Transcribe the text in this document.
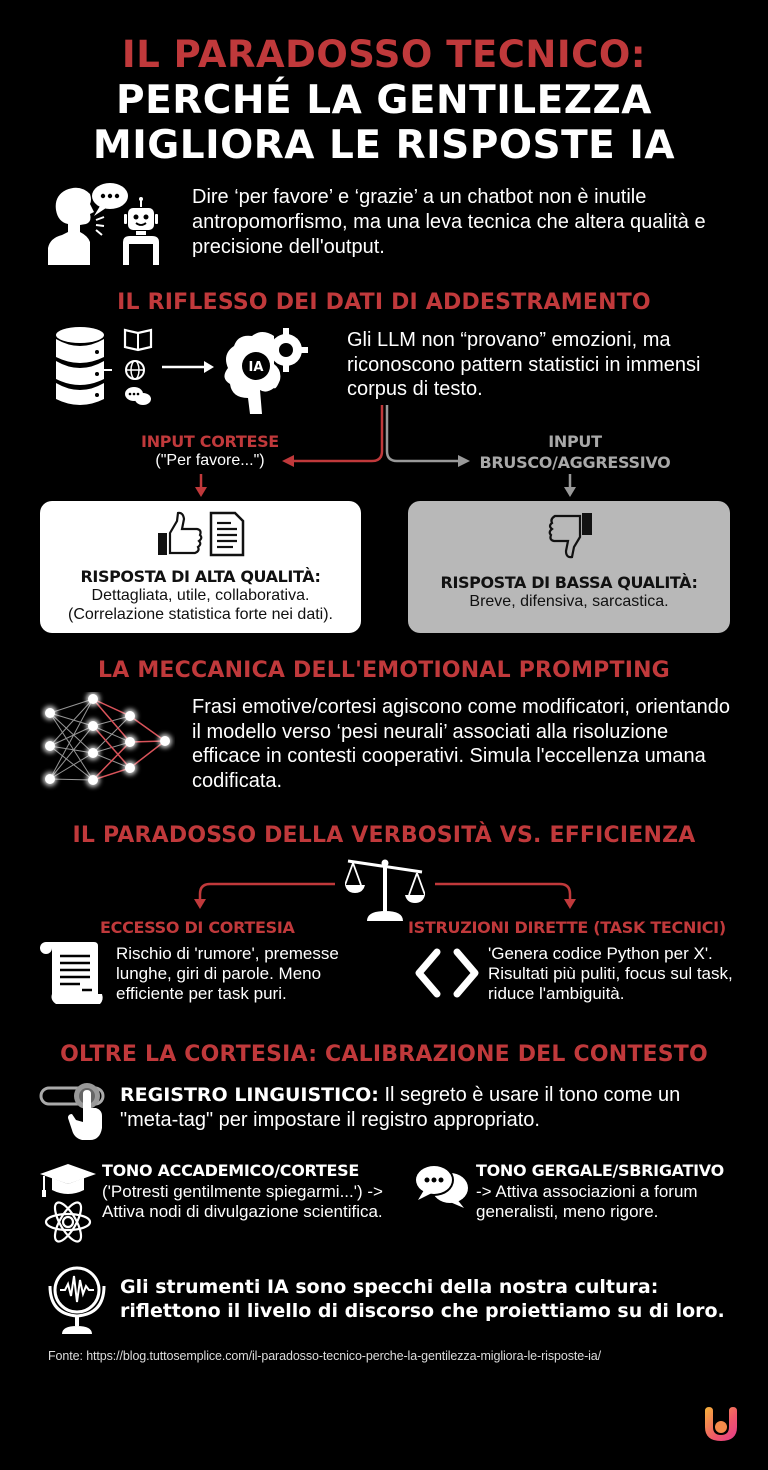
IL PARADOSSO TECNICO:
PERCHÉ LA GENTILEZZA
MIGLIORA LE RISPOSTE IA
Dire ‘per favore’ e ‘grazie’ a un chatbot non è inutile antropomorfismo, ma una leva tecnica che altera qualità e precisione dell'output.
IL RIFLESSO DEI DATI DI ADDESTRAMENTO
IA
Gli LLM non “provano” emozioni, ma riconoscono pattern statistici in immensi corpus di testo.
INPUT CORTESE
("Per favore...")
INPUT
BRUSCO/AGGRESSIVO
RISPOSTA DI ALTA QUALITÀ:
Dettagliata, utile, collaborativa.
(Correlazione statistica forte nei dati).
RISPOSTA DI BASSA QUALITÀ:
Breve, difensiva, sarcastica.
LA MECCANICA DELL'EMOTIONAL PROMPTING
Frasi emotive/cortesi agiscono come modificatori, orientando il modello verso ‘pesi neurali’ associati alla risoluzione efficace in contesti cooperativi. Simula l'eccellenza umana codificata.
IL PARADOSSO DELLA VERBOSITÀ VS. EFFICIENZA
ECCESSO DI CORTESIA	ISTRUZIONI DIRETTE (TASK TECNICI)
Rischio di 'rumore', premesse lunghe, giri di parole. Meno efficiente per task puri.
'Genera codice Python per X'. Risultati più puliti, focus sul task, riduce l'ambiguità.
OLTRE LA CORTESIA: CALIBRAZIONE DEL CONTESTO
REGISTRO LINGUISTICO: Il segreto è usare il tono come un "meta-tag" per impostare il registro appropriato.
TONO ACCADEMICO/CORTESE
('Potresti gentilmente spiegarmi...') -> Attiva nodi di divulgazione scientifica.
TONO GERGALE/SBRIGATIVO
-> Attiva associazioni a forum generalisti, meno rigore.
Gli strumenti IA sono specchi della nostra cultura: riflettono il livello di discorso che proiettiamo su di loro.
Fonte: https://blog.tuttosemplice.com/il-paradosso-tecnico-perche-la-gentilezza-migliora-le-risposte-ia/
